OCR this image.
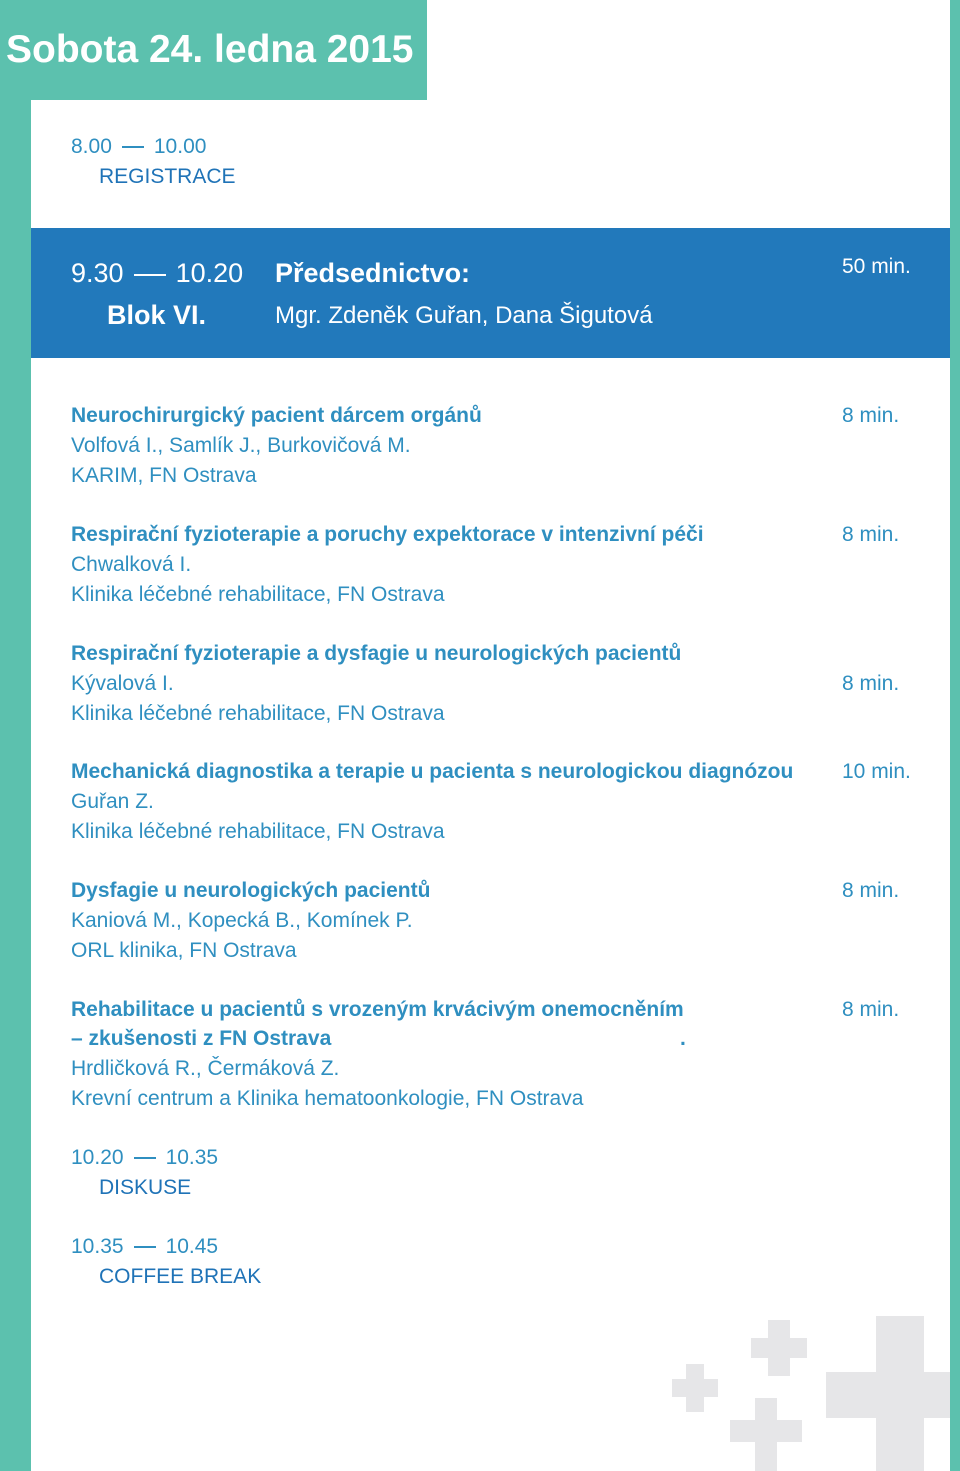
Sobota 24. ledna 2015
8.00 10.00
REGISTRACE
9.30 10.20
Blok VI.
Předsednictvo:
Mgr. Zdeněk Guřan, Dana Šigutová
50 min.
Neurochirurgický pacient dárcem orgánů
Volfová I., Samlík J., Burkovičová M.
KARIM, FN Ostrava
8 min.
Respirační fyzioterapie a poruchy expektorace v intenzivní péči
Chwalková I.
Klinika léčebné rehabilitace, FN Ostrava
8 min.
Respirační fyzioterapie a dysfagie u neurologických pacientů
Kývalová I.
Klinika léčebné rehabilitace, FN Ostrava
8 min.
Mechanická diagnostika a terapie u pacienta s neurologickou diagnózou
Guřan Z.
Klinika léčebné rehabilitace, FN Ostrava
10 min.
Dysfagie u neurologických pacientů
Kaniová M., Kopecká B., Komínek P.
ORL klinika, FN Ostrava
8 min.
Rehabilitace u pacientů s vrozeným krvácivým onemocněním
– zkušenosti z FN Ostrava	.
Hrdličková R., Čermáková Z.
Krevní centrum a Klinika hematoonkologie, FN Ostrava
8 min.
10.20 10.35
DISKUSE
10.35 10.45
COFFEE BREAK
